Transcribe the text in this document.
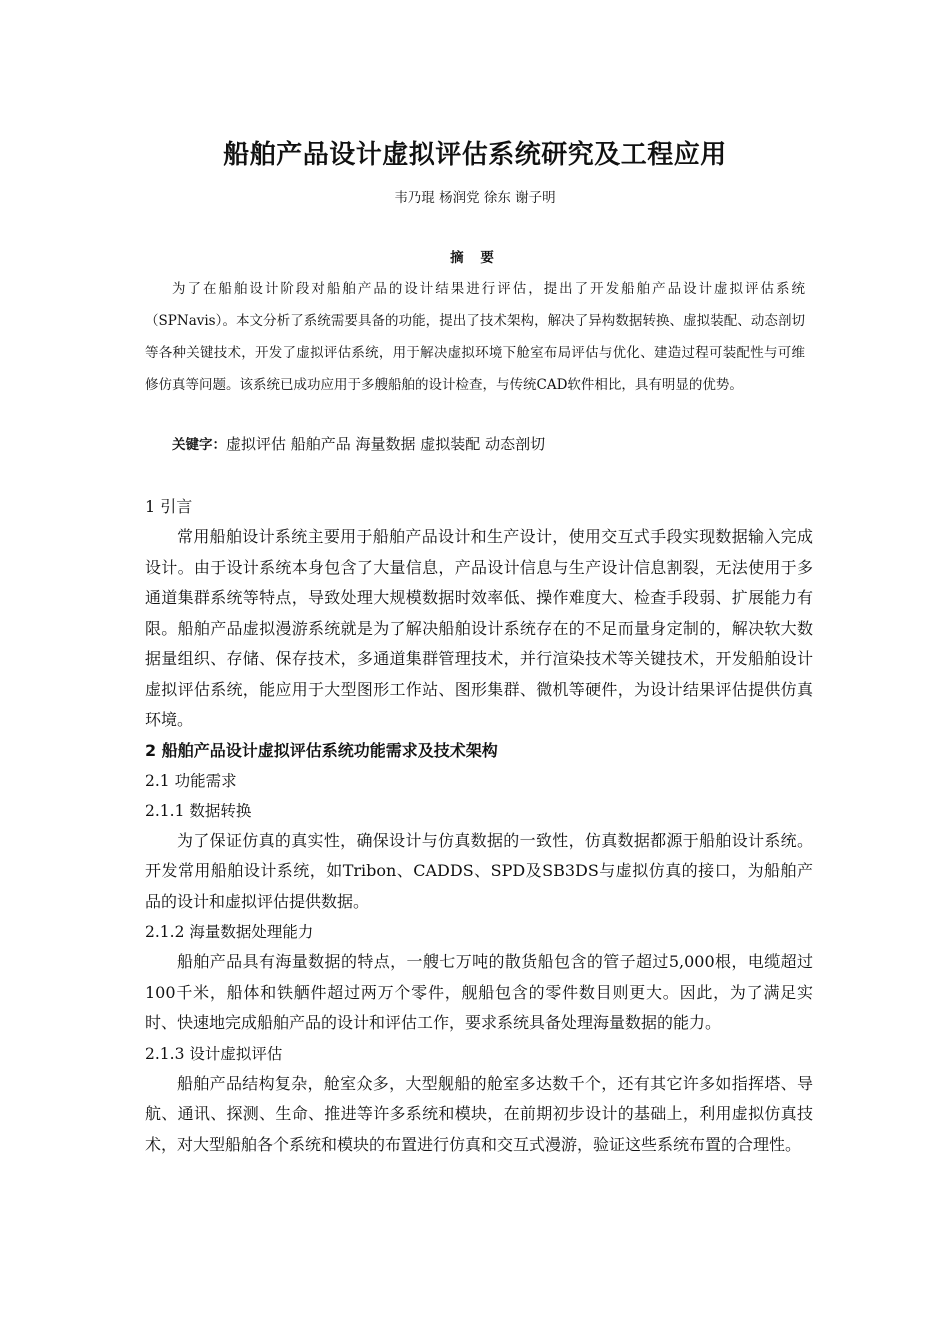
船舶产品设计虚拟评估系统研究及工程应用
韦乃琨 杨润党 徐东 谢子明
摘 要

为了在船舶设计阶段对船舶产品的设计结果进行评估，提出了开发船舶产品设计虚拟评估系统（SPNavis）。本文分析了系统需要具备的功能，提出了技术架构，解决了异构数据转换、虚拟装配、动态剖切等各种关键技术，开发了虚拟评估系统，用于解决虚拟环境下舱室布局评估与优化、建造过程可装配性与可维修仿真等问题。该系统已成功应用于多艘船舶的设计检查，与传统CAD软件相比，具有明显的优势。

关键字：虚拟评估 船舶产品 海量数据 虚拟装配 动态剖切
1 引言

常用船舶设计系统主要用于船舶产品设计和生产设计，使用交互式手段实现数据输入完成设计。由于设计系统本身包含了大量信息，产品设计信息与生产设计信息割裂，无法使用于多通道集群系统等特点，导致处理大规模数据时效率低、操作难度大、检查手段弱、扩展能力有限。船舶产品虚拟漫游系统就是为了解决船舶设计系统存在的不足而量身定制的，解决软大数据量组织、存储、保存技术，多通道集群管理技术，并行渲染技术等关键技术，开发船舶设计虚拟评估系统，能应用于大型图形工作站、图形集群、微机等硬件，为设计结果评估提供仿真环境。

2 船舶产品设计虚拟评估系统功能需求及技术架构
2.1 功能需求
2.1.1 数据转换

为了保证仿真的真实性，确保设计与仿真数据的一致性，仿真数据都源于船舶设计系统。开发常用船舶设计系统，如Tribon、CADDS、SPD及SB3DS与虚拟仿真的接口，为船舶产品的设计和虚拟评估提供数据。

2.1.2 海量数据处理能力

船舶产品具有海量数据的特点，一艘七万吨的散货船包含的管子超过5,000根，电缆超过100千米，船体和铁舾件超过两万个零件，舰船包含的零件数目则更大。因此，为了满足实时、快速地完成船舶产品的设计和评估工作，要求系统具备处理海量数据的能力。

2.1.3 设计虚拟评估

船舶产品结构复杂，舱室众多，大型舰船的舱室多达数千个，还有其它许多如指挥塔、导航、通讯、探测、生命、推进等许多系统和模块，在前期初步设计的基础上，利用虚拟仿真技术，对大型船舶各个系统和模块的布置进行仿真和交互式漫游，验证这些系统布置的合理性。
